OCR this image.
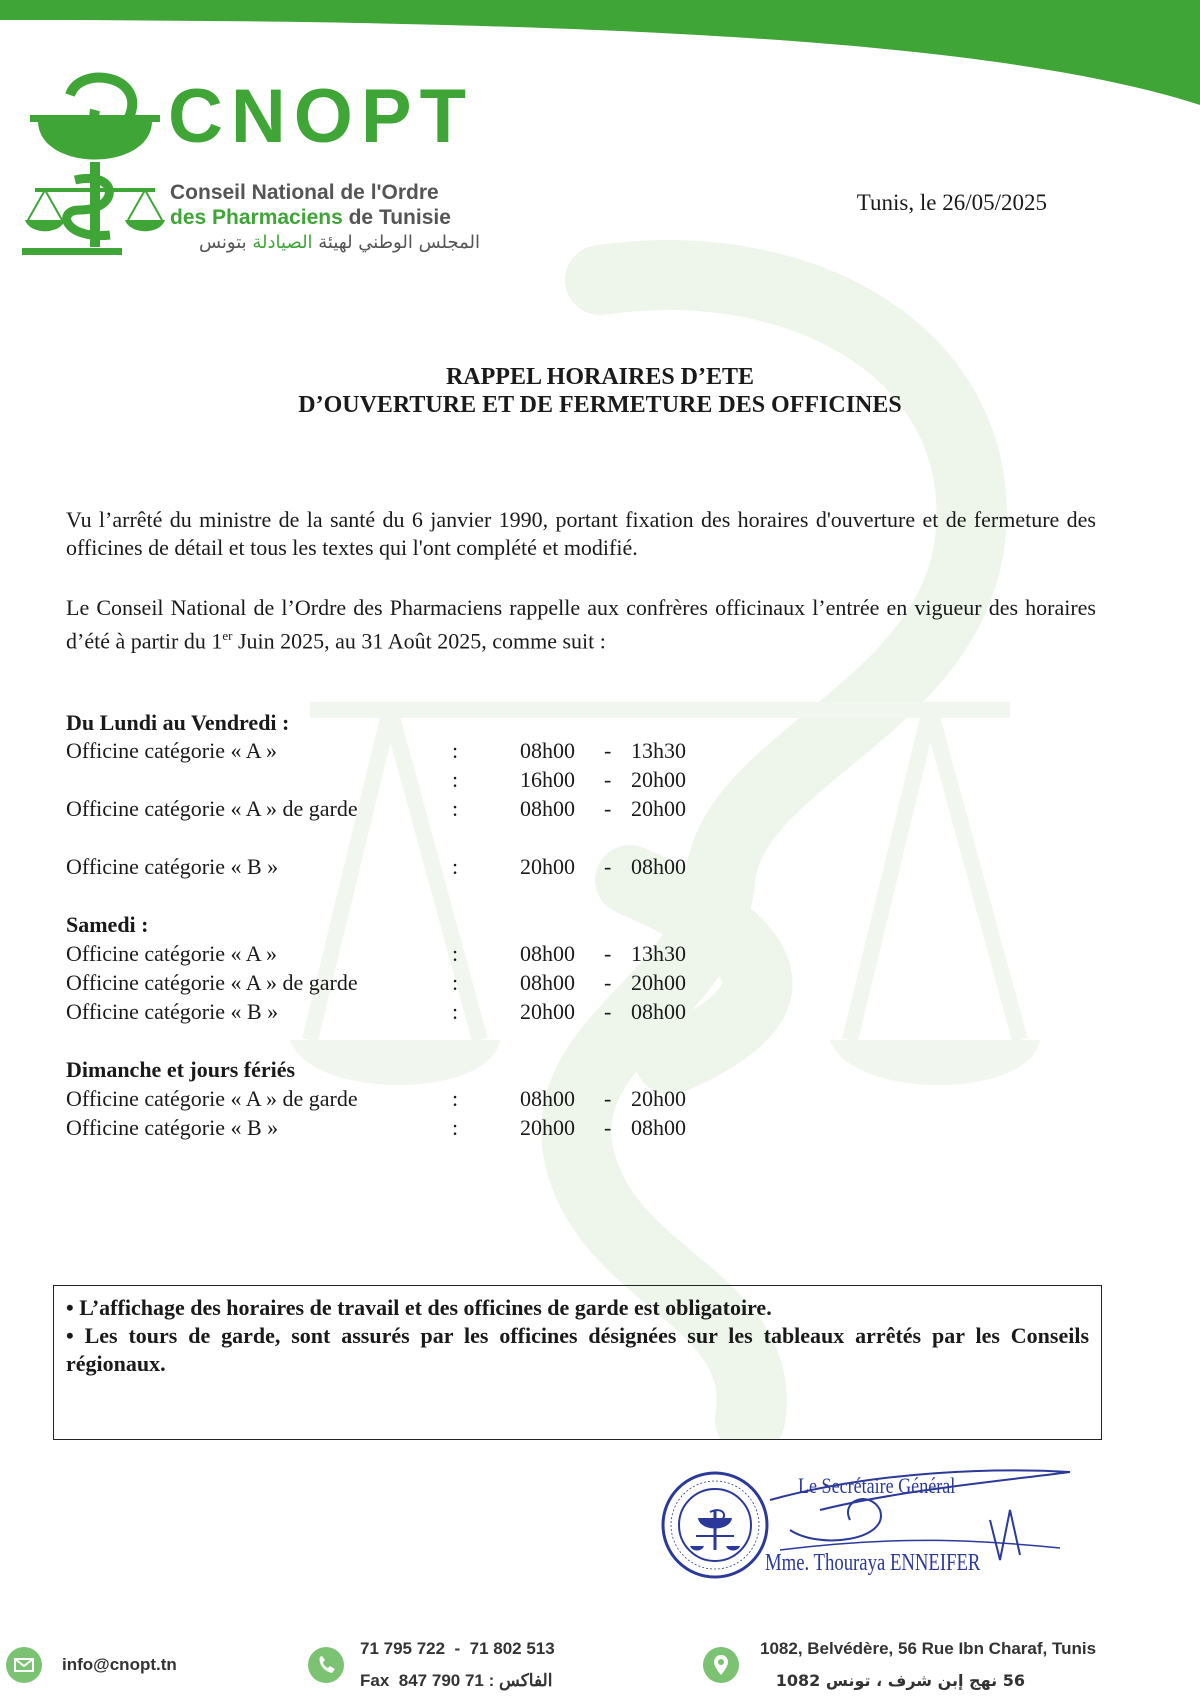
CNOPT
Conseil National de l'Ordre
des Pharmaciens de Tunisie
المجلس الوطني لهيئة الصيادلة بتونس
Tunis, le 26/05/2025
RAPPEL HORAIRES D’ETE
D’OUVERTURE ET DE FERMETURE DES OFFICINES
Vu l’arrêté du ministre de la santé du 6 janvier 1990, portant fixation des horaires d'ouverture et de fermeture des officines de détail et tous les textes qui l'ont complété et modifié.
Le Conseil National de l’Ordre des Pharmaciens rappelle aux confrères officinaux l’entrée en vigueur des horaires d’été à partir du 1er Juin 2025, au 31 Août 2025, comme suit :
Du Lundi au Vendredi :
Officine catégorie « A »	:	08h00 - 13h30
:	16h00 - 20h00
Officine catégorie « A » de garde	:	08h00 - 20h00
Officine catégorie « B »	:	20h00 - 08h00
Samedi :
Officine catégorie « A »	:	08h00 - 13h30
Officine catégorie « A » de garde	:	08h00 - 20h00
Officine catégorie « B »	:	20h00 - 08h00
Dimanche et jours fériés
Officine catégorie « A » de garde	:	08h00 - 20h00
Officine catégorie « B »	:	20h00 - 08h00
• L’affichage des horaires de travail et des officines de garde est obligatoire.
• Les tours de garde, sont assurés par les officines désignées sur les tableaux arrêtés par les Conseils régionaux.
Le Secrétaire Général
Mme. Thouraya ENNEIFER
info@cnopt.tn
71 795 722  -  71 802 513
Fax	الفاكس : 71 790 847
1082, Belvédère, 56 Rue Ibn Charaf, Tunis
56 نهج إبن شرف ، تونس 1082
